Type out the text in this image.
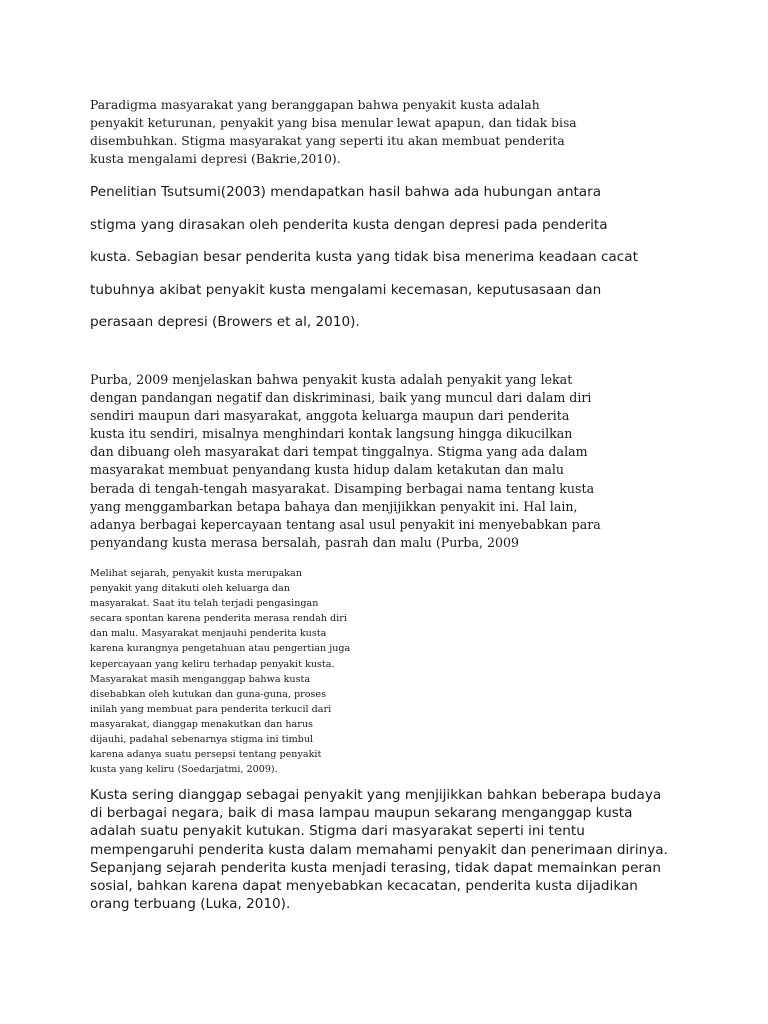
Paradigma masyarakat yang beranggapan bahwa penyakit kusta adalah
penyakit keturunan, penyakit yang bisa menular lewat apapun, dan tidak bisa
disembuhkan. Stigma masyarakat yang seperti itu akan membuat penderita
kusta mengalami depresi (Bakrie,2010).
Penelitian Tsutsumi(2003) mendapatkan hasil bahwa ada hubungan antara
stigma yang dirasakan oleh penderita kusta dengan depresi pada penderita
kusta. Sebagian besar penderita kusta yang tidak bisa menerima keadaan cacat
tubuhnya akibat penyakit kusta mengalami kecemasan, keputusasaan dan
perasaan depresi (Browers et al, 2010).
Purba, 2009 menjelaskan bahwa penyakit kusta adalah penyakit yang lekat
dengan pandangan negatif dan diskriminasi, baik yang muncul dari dalam diri
sendiri maupun dari masyarakat, anggota keluarga maupun dari penderita
kusta itu sendiri, misalnya menghindari kontak langsung hingga dikucilkan
dan dibuang oleh masyarakat dari tempat tinggalnya. Stigma yang ada dalam
masyarakat membuat penyandang kusta hidup dalam ketakutan dan malu
berada di tengah-tengah masyarakat. Disamping berbagai nama tentang kusta
yang menggambarkan betapa bahaya dan menjijikkan penyakit ini. Hal lain,
adanya berbagai kepercayaan tentang asal usul penyakit ini menyebabkan para
penyandang kusta merasa bersalah, pasrah dan malu (Purba, 2009
Melihat sejarah, penyakit kusta merupakan
penyakit yang ditakuti oleh keluarga dan
masyarakat. Saat itu telah terjadi pengasingan
secara spontan karena penderita merasa rendah diri
dan malu. Masyarakat menjauhi penderita kusta
karena kurangnya pengetahuan atau pengertian juga
kepercayaan yang keliru terhadap penyakit kusta.
Masyarakat masih menganggap bahwa kusta
disebabkan oleh kutukan dan guna-guna, proses
inilah yang membuat para penderita terkucil dari
masyarakat, dianggap menakutkan dan harus
dijauhi, padahal sebenarnya stigma ini timbul
karena adanya suatu persepsi tentang penyakit
kusta yang keliru (Soedarjatmi, 2009).
Kusta sering dianggap sebagai penyakit yang menjijikkan bahkan beberapa budaya
di berbagai negara, baik di masa lampau maupun sekarang menganggap kusta
adalah suatu penyakit kutukan. Stigma dari masyarakat seperti ini tentu
mempengaruhi penderita kusta dalam memahami penyakit dan penerimaan dirinya.
Sepanjang sejarah penderita kusta menjadi terasing, tidak dapat memainkan peran
sosial, bahkan karena dapat menyebabkan kecacatan, penderita kusta dijadikan
orang terbuang (Luka, 2010).
